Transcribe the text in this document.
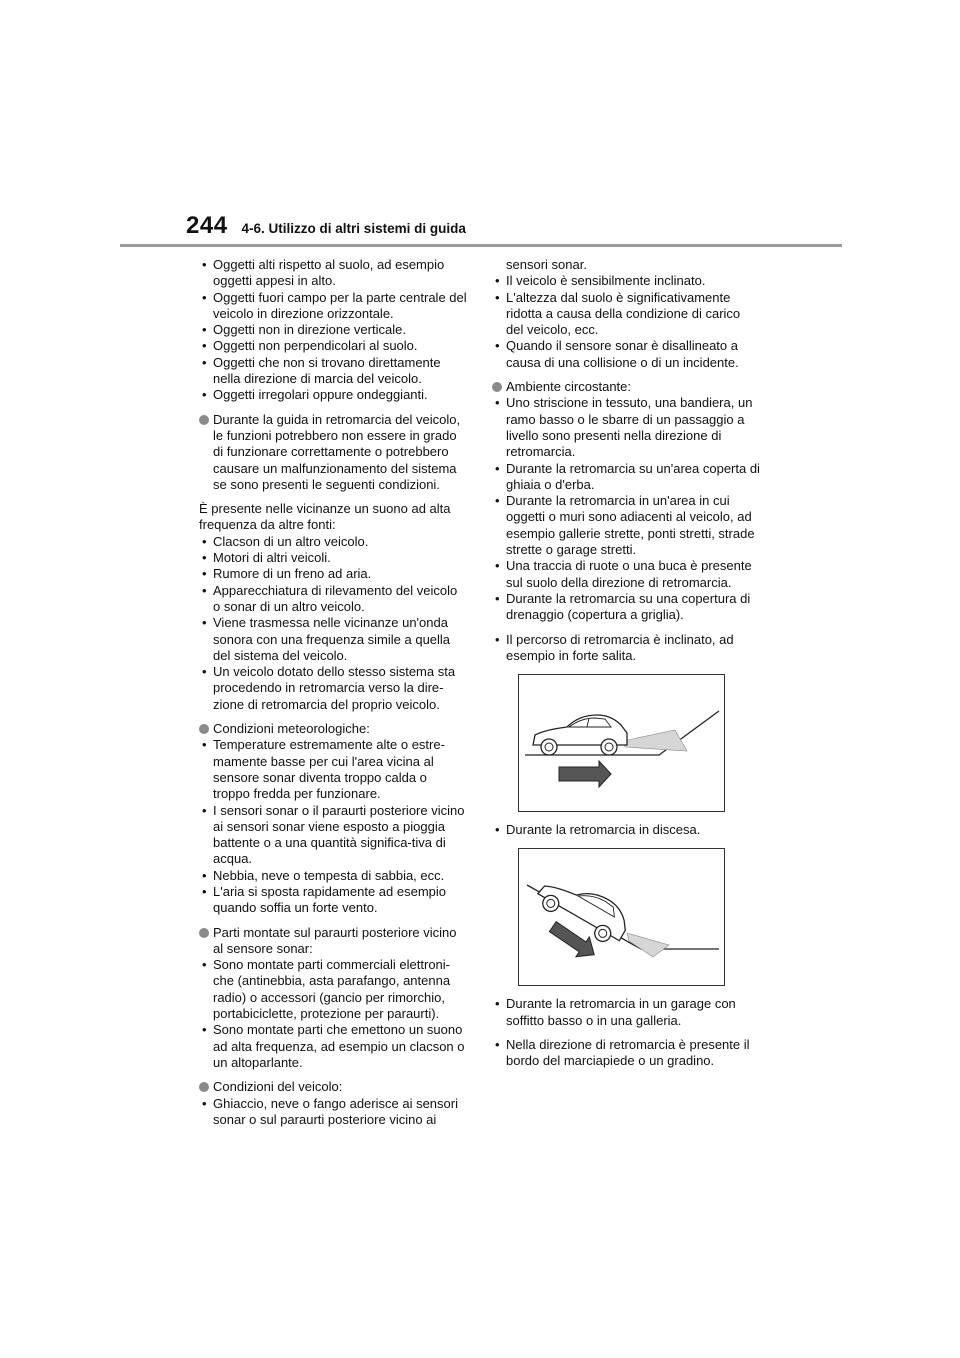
244 4-6. Utilizzo di altri sistemi di guida
• Oggetti alti rispetto al suolo, ad esempio oggetti appesi in alto.
• Oggetti fuori campo per la parte centrale del veicolo in direzione orizzontale.
• Oggetti non in direzione verticale.
• Oggetti non perpendicolari al suolo.
• Oggetti che non si trovano direttamente nella direzione di marcia del veicolo.
• Oggetti irregolari oppure ondeggianti.
Durante la guida in retromarcia del veicolo, le funzioni potrebbero non essere in grado di funzionare correttamente o potrebbero causare un malfunzionamento del sistema se sono presenti le seguenti condizioni.
È presente nelle vicinanze un suono ad alta frequenza da altre fonti:
• Clacson di un altro veicolo.
• Motori di altri veicoli.
• Rumore di un freno ad aria.
• Apparecchiatura di rilevamento del veicolo o sonar di un altro veicolo.
• Viene trasmessa nelle vicinanze un'onda sonora con una frequenza simile a quella del sistema del veicolo.
• Un veicolo dotato dello stesso sistema sta procedendo in retromarcia verso la dire-zione di retromarcia del proprio veicolo.
Condizioni meteorologiche:
• Temperature estremamente alte o estre-mamente basse per cui l'area vicina al sensore sonar diventa troppo calda o troppo fredda per funzionare.
• I sensori sonar o il paraurti posteriore vicino ai sensori sonar viene esposto a pioggia battente o a una quantità significa-tiva di acqua.
• Nebbia, neve o tempesta di sabbia, ecc.
• L'aria si sposta rapidamente ad esempio quando soffia un forte vento.
Parti montate sul paraurti posteriore vicino al sensore sonar:
• Sono montate parti commerciali elettroni-che (antinebbia, asta parafango, antenna radio) o accessori (gancio per rimorchio, portabiciclette, protezione per paraurti).
• Sono montate parti che emettono un suono ad alta frequenza, ad esempio un clacson o un altoparlante.
Condizioni del veicolo:
• Ghiaccio, neve o fango aderisce ai sensori sonar o sul paraurti posteriore vicino ai
sensori sonar.
• Il veicolo è sensibilmente inclinato.
• L'altezza dal suolo è significativamente ridotta a causa della condizione di carico del veicolo, ecc.
• Quando il sensore sonar è disallineato a causa di una collisione o di un incidente.
Ambiente circostante:
• Uno striscione in tessuto, una bandiera, un ramo basso o le sbarre di un passaggio a livello sono presenti nella direzione di retromarcia.
• Durante la retromarcia su un'area coperta di ghiaia o d'erba.
• Durante la retromarcia in un'area in cui oggetti o muri sono adiacenti al veicolo, ad esempio gallerie strette, ponti stretti, strade strette o garage stretti.
• Una traccia di ruote o una buca è presente sul suolo della direzione di retromarcia.
• Durante la retromarcia su una copertura di drenaggio (copertura a griglia).
• Il percorso di retromarcia è inclinato, ad esempio in forte salita.
• Durante la retromarcia in discesa.
• Durante la retromarcia in un garage con soffitto basso o in una galleria.
• Nella direzione di retromarcia è presente il bordo del marciapiede o un gradino.
